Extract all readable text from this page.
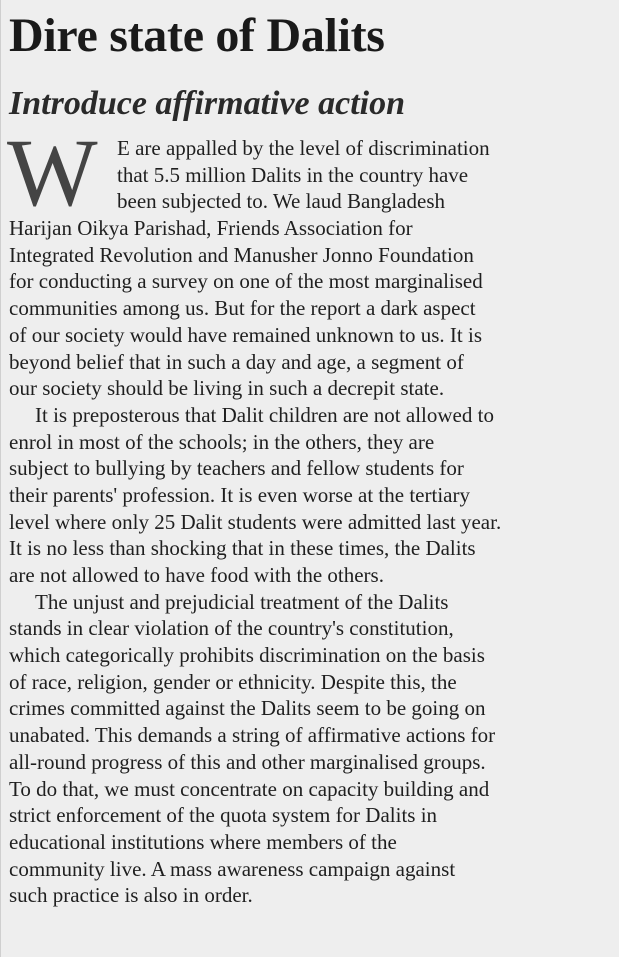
Dire state of Dalits
Introduce affirmative action
W E are appalled by the level of discrimination
that 5.5 million Dalits in the country have
been subjected to. We laud Bangladesh
Harijan Oikya Parishad, Friends Association for
Integrated Revolution and Manusher Jonno Foundation
for conducting a survey on one of the most marginalised
communities among us. But for the report a dark aspect
of our society would have remained unknown to us. It is
beyond belief that in such a day and age, a segment of
our society should be living in such a decrepit state.
It is preposterous that Dalit children are not allowed to
enrol in most of the schools; in the others, they are
subject to bullying by teachers and fellow students for
their parents' profession. It is even worse at the tertiary
level where only 25 Dalit students were admitted last year.
It is no less than shocking that in these times, the Dalits
are not allowed to have food with the others.
The unjust and prejudicial treatment of the Dalits
stands in clear violation of the country's constitution,
which categorically prohibits discrimination on the basis
of race, religion, gender or ethnicity. Despite this, the
crimes committed against the Dalits seem to be going on
unabated. This demands a string of affirmative actions for
all-round progress of this and other marginalised groups.
To do that, we must concentrate on capacity building and
strict enforcement of the quota system for Dalits in
educational institutions where members of the
community live. A mass awareness campaign against
such practice is also in order.
